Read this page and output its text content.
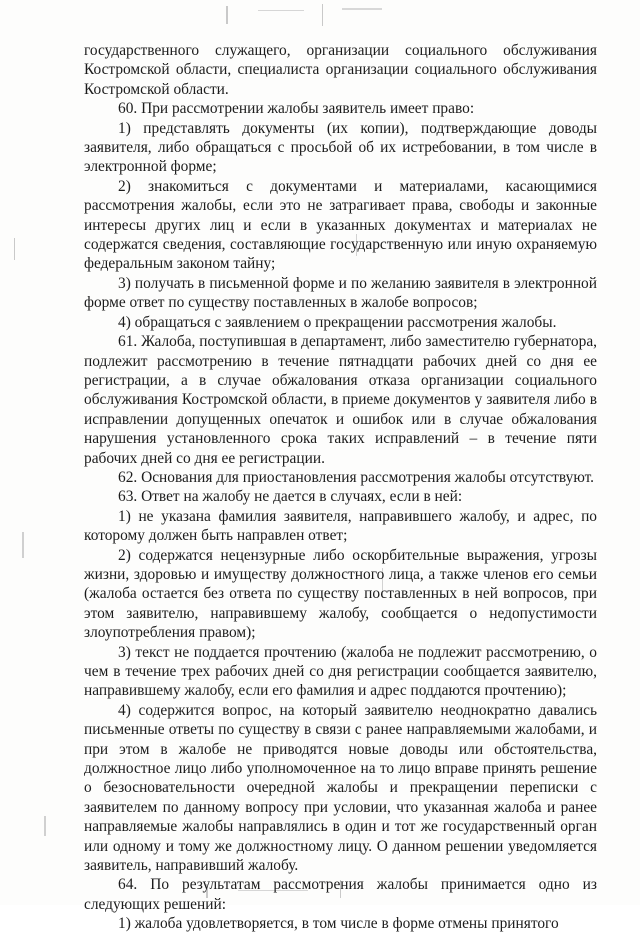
государственного служащего, организации социального обслуживания Костромской области, специалиста организации социального обслуживания Костромской области.

60. При рассмотрении жалобы заявитель имеет право:

1) представлять документы (их копии), подтверждающие доводы заявителя, либо обращаться с просьбой об их истребовании, в том числе в электронной форме;

2) знакомиться с документами и материалами, касающимися рассмотрения жалобы, если это не затрагивает права, свободы и законные интересы других лиц и если в указанных документах и материалах не содержатся сведения, составляющие государственную или иную охраняемую федеральным законом тайну;

3) получать в письменной форме и по желанию заявителя в электронной форме ответ по существу поставленных в жалобе вопросов;

4) обращаться с заявлением о прекращении рассмотрения жалобы.

61. Жалоба, поступившая в департамент, либо заместителю губернатора, подлежит рассмотрению в течение пятнадцати рабочих дней со дня ее регистрации, а в случае обжалования отказа организации социального обслуживания Костромской области, в приеме документов у заявителя либо в исправлении допущенных опечаток и ошибок или в случае обжалования нарушения установленного срока таких исправлений – в течение пяти рабочих дней со дня ее регистрации.

62. Основания для приостановления рассмотрения жалобы отсутствуют.

63. Ответ на жалобу не дается в случаях, если в ней:

1) не указана фамилия заявителя, направившего жалобу, и адрес, по которому должен быть направлен ответ;

2) содержатся нецензурные либо оскорбительные выражения, угрозы жизни, здоровью и имуществу должностного лица, а также членов его семьи (жалоба остается без ответа по существу поставленных в ней вопросов, при этом заявителю, направившему жалобу, сообщается о недопустимости злоупотребления правом);

3) текст не поддается прочтению (жалоба не подлежит рассмотрению, о чем в течение трех рабочих дней со дня регистрации сообщается заявителю, направившему жалобу, если его фамилия и адрес поддаются прочтению);

4) содержится вопрос, на который заявителю неоднократно давались письменные ответы по существу в связи с ранее направляемыми жалобами, и при этом в жалобе не приводятся новые доводы или обстоятельства, должностное лицо либо уполномоченное на то лицо вправе принять решение о безосновательности очередной жалобы и прекращении переписки с заявителем по данному вопросу при условии, что указанная жалоба и ранее направляемые жалобы направлялись в один и тот же государственный орган или одному и тому же должностному лицу. О данном решении уведомляется заявитель, направивший жалобу.

64. По результатам рассмотрения жалобы принимается одно из следующих решений:

1) жалоба удовлетворяется, в том числе в форме отмены принятого
